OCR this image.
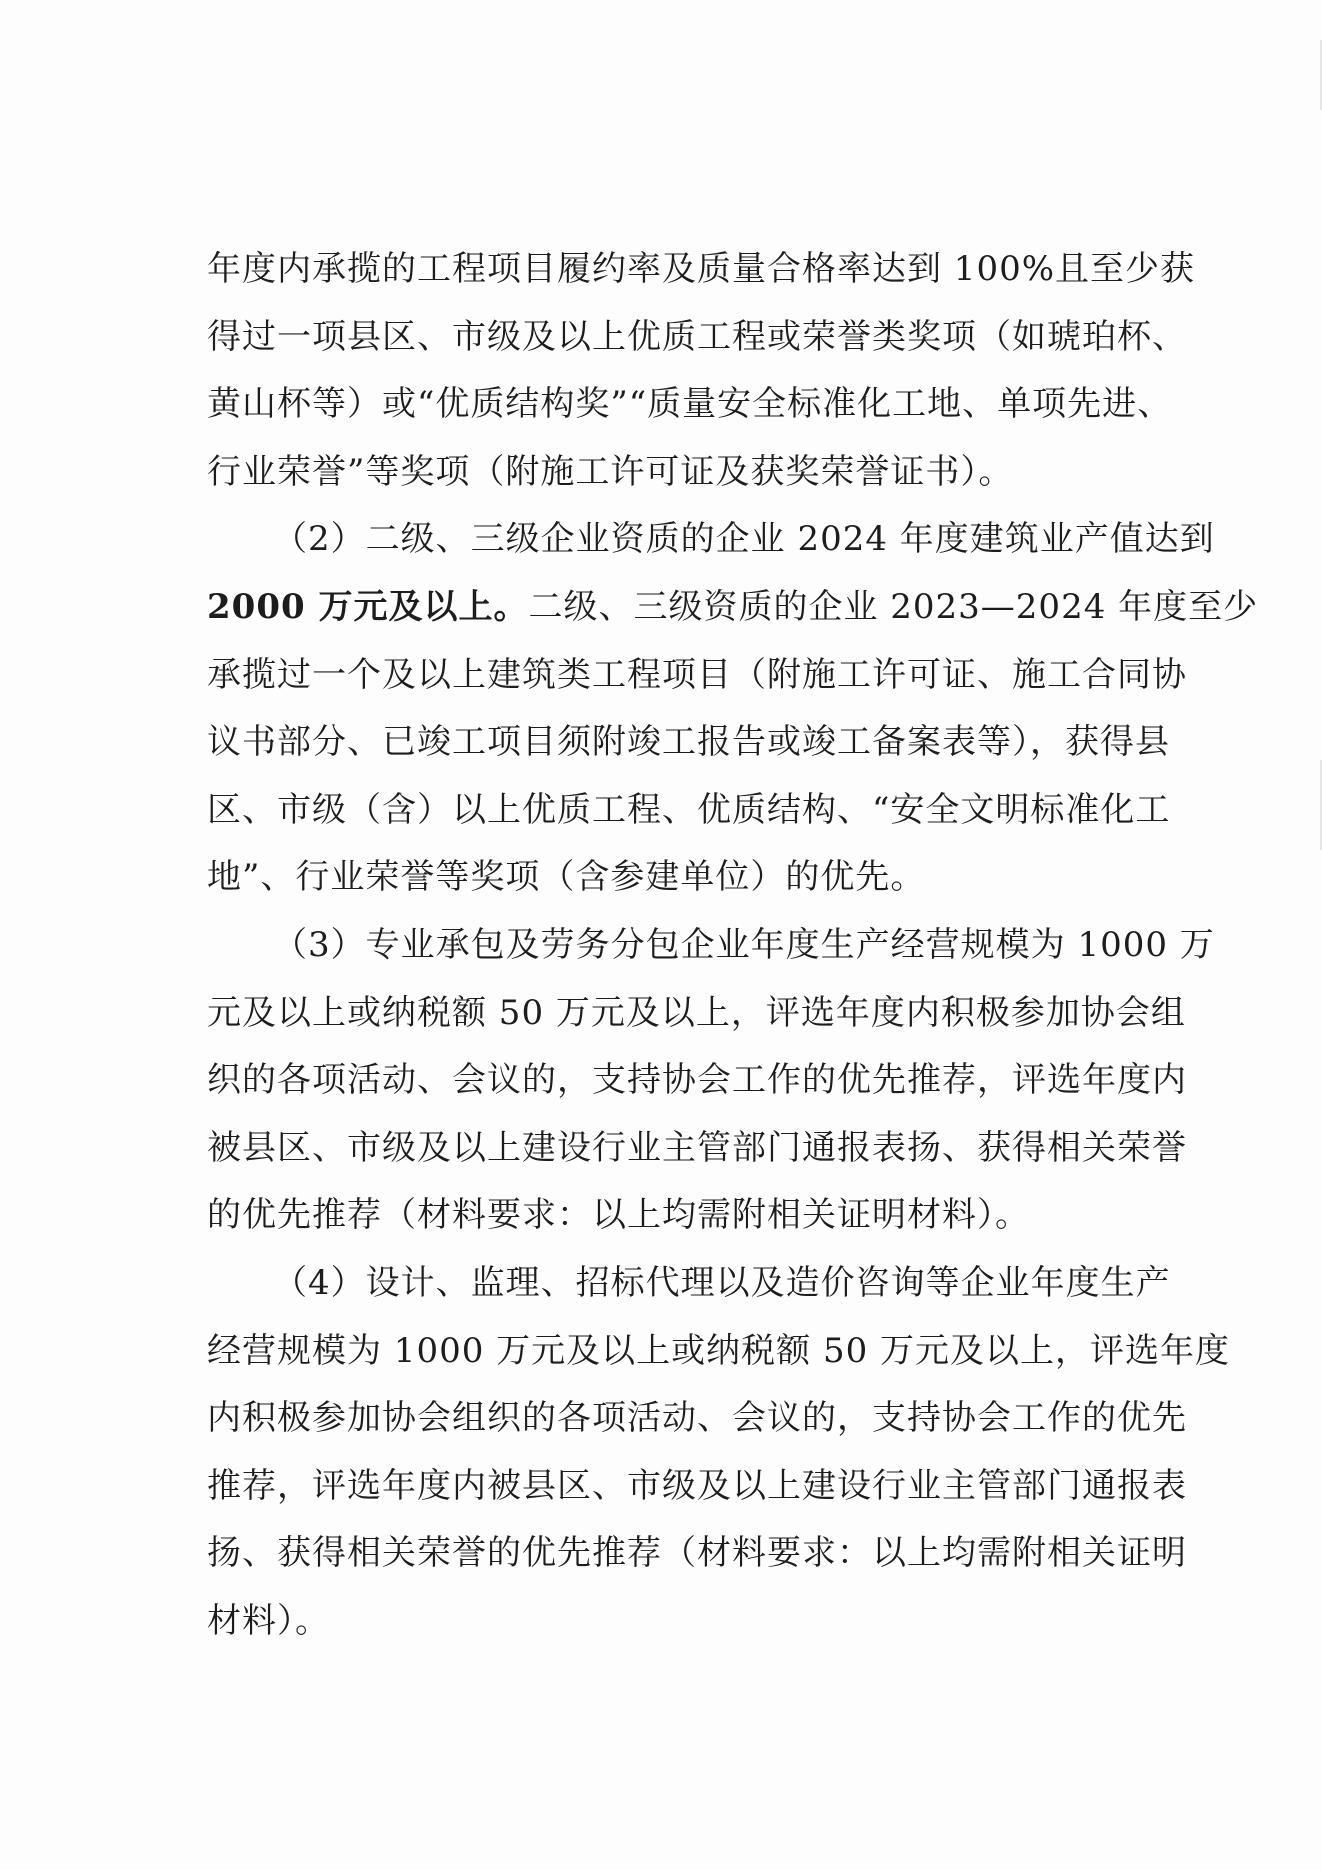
年度内承揽的工程项目履约率及质量合格率达到 100%且至少获
得过一项县区、市级及以上优质工程或荣誉类奖项（如琥珀杯、
黄山杯等）或“优质结构奖”“质量安全标准化工地、单项先进、
行业荣誉”等奖项（附施工许可证及获奖荣誉证书）。
（2）二级、三级企业资质的企业 2024 年度建筑业产值达到
2000 万元及以上。二级、三级资质的企业 2023—2024 年度至少
承揽过一个及以上建筑类工程项目（附施工许可证、施工合同协
议书部分、已竣工项目须附竣工报告或竣工备案表等），获得县
区、市级（含）以上优质工程、优质结构、“安全文明标准化工
地”、行业荣誉等奖项（含参建单位）的优先。
（3）专业承包及劳务分包企业年度生产经营规模为 1000 万
元及以上或纳税额 50 万元及以上，评选年度内积极参加协会组
织的各项活动、会议的，支持协会工作的优先推荐，评选年度内
被县区、市级及以上建设行业主管部门通报表扬、获得相关荣誉
的优先推荐（材料要求：以上均需附相关证明材料）。
（4）设计、监理、招标代理以及造价咨询等企业年度生产
经营规模为 1000 万元及以上或纳税额 50 万元及以上，评选年度
内积极参加协会组织的各项活动、会议的，支持协会工作的优先
推荐，评选年度内被县区、市级及以上建设行业主管部门通报表
扬、获得相关荣誉的优先推荐（材料要求：以上均需附相关证明
材料）。
